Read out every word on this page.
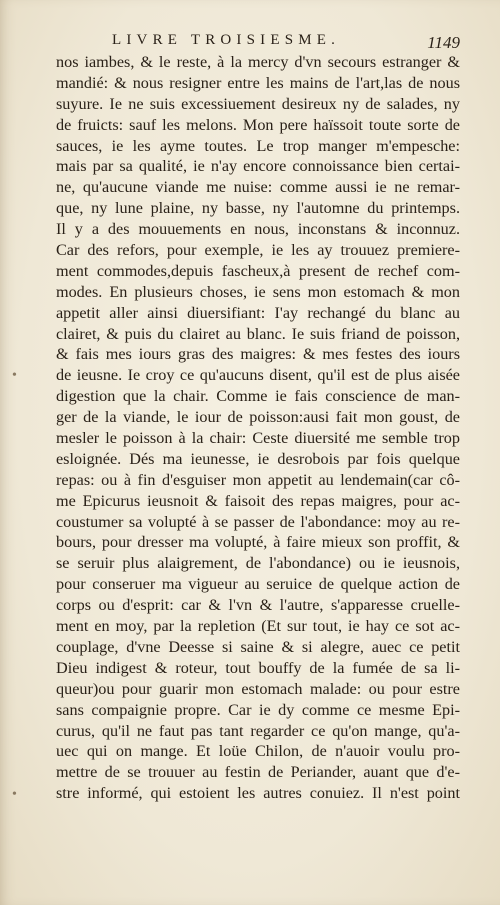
LIVRE TROISIESME.	1149
•
•
nos iambes, & le reste, à la mercy d'vn secours estranger &
mandié: & nous resigner entre les mains de l'art,las de nous
suyure. Ie ne suis excessiuement desireux ny de salades, ny
de fruicts: sauf les melons. Mon pere haïssoit toute sorte de
sauces, ie les ayme toutes. Le trop manger m'empesche:
mais par sa qualité, ie n'ay encore connoissance bien certai-
ne, qu'aucune viande me nuise: comme aussi ie ne remar-
que, ny lune plaine, ny basse, ny l'automne du printemps.
Il y a des mouuements en nous, inconstans & inconnuz.
Car des refors, pour exemple, ie les ay trouuez premiere-
ment commodes,depuis fascheux,à present de rechef com-
modes. En plusieurs choses, ie sens mon estomach & mon
appetit aller ainsi diuersifiant: I'ay rechangé du blanc au
clairet, & puis du clairet au blanc. Ie suis friand de poisson,
& fais mes iours gras des maigres: & mes festes des iours
de ieusne. Ie croy ce qu'aucuns disent, qu'il est de plus aisée
digestion que la chair. Comme ie fais conscience de man-
ger de la viande, le iour de poisson:ausi fait mon goust, de
mesler le poisson à la chair: Ceste diuersité me semble trop
esloignée. Dés ma ieunesse, ie desrobois par fois quelque
repas: ou à fin d'esguiser mon appetit au lendemain(car cô-
me Epicurus ieusnoit & faisoit des repas maigres, pour ac-
coustumer sa volupté à se passer de l'abondance: moy au re-
bours, pour dresser ma volupté, à faire mieux son proffit, &
se seruir plus alaigrement, de l'abondance) ou ie ieusnois,
pour conseruer ma vigueur au seruice de quelque action de
corps ou d'esprit: car & l'vn & l'autre, s'apparesse cruelle-
ment en moy, par la repletion (Et sur tout, ie hay ce sot ac-
couplage, d'vne Deesse si saine & si alegre, auec ce petit
Dieu indigest & roteur, tout bouffy de la fumée de sa li-
queur)ou pour guarir mon estomach malade: ou pour estre
sans compaignie propre. Car ie dy comme ce mesme Epi-
curus, qu'il ne faut pas tant regarder ce qu'on mange, qu'a-
uec qui on mange. Et loüe Chilon, de n'auoir voulu pro-
mettre de se trouuer au festin de Periander, auant que d'e-
stre informé, qui estoient les autres conuiez. Il n'est point
